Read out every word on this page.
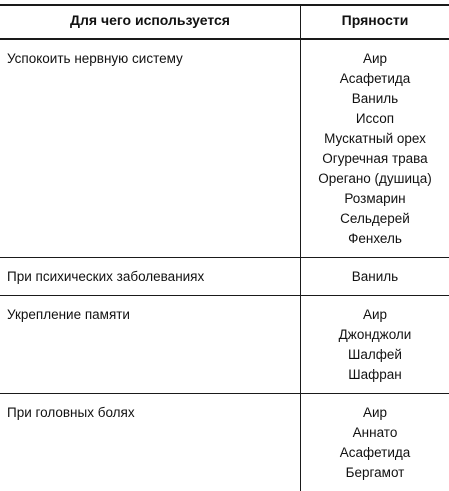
Для чего используется	Пряности
Успокоить нервную систему	Аир
Асафетида
Ваниль
Иссоп
Мускатный орех
Огуречная трава
Орегано (душица)
Розмарин
Сельдерей
Фенхель
При психических заболеваниях	Ваниль
Укрепление памяти	Аир
Джонджоли
Шалфей
Шафран
При головных болях	Аир
Аннато
Асафетида
Бергамот
